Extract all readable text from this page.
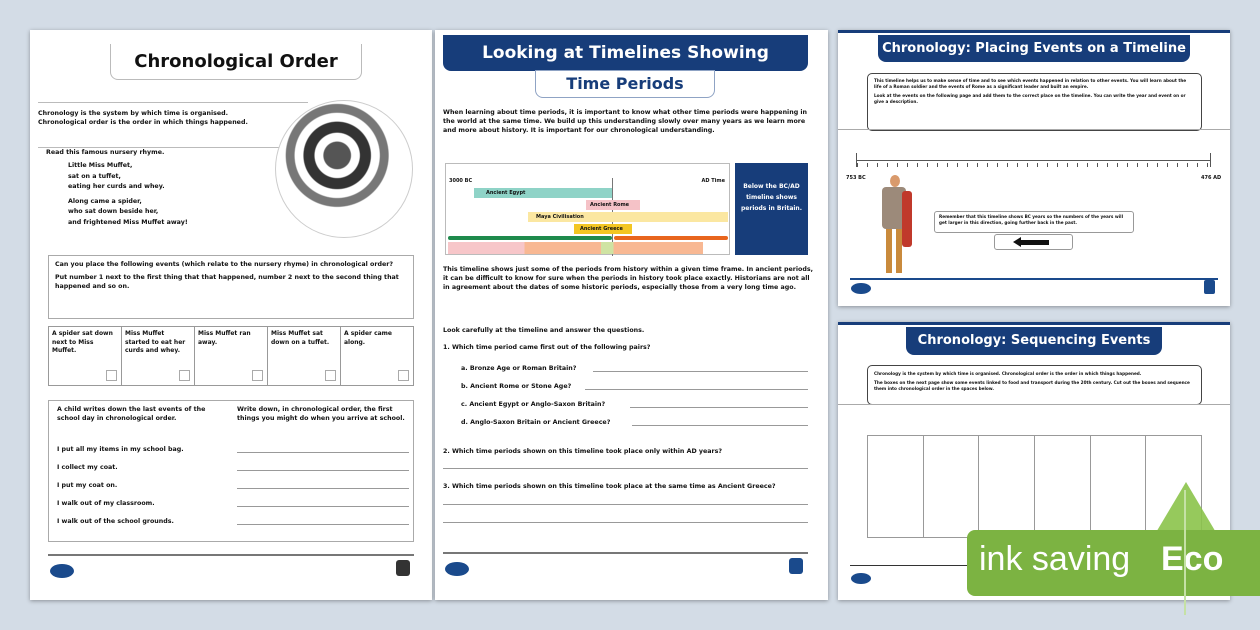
Chronological Order
Chronology is the system by which time is organised.
Chronological order is the order in which things happened.
Read this famous nursery rhyme.
Little Miss Muffet,
sat on a tuffet,
eating her curds and whey.
Along came a spider,
who sat down beside her,
and frightened Miss Muffet away!
Can you place the following events (which relate to the nursery rhyme) in chronological order?
Put number 1 next to the first thing that that happened, number 2 next to the second thing that happened and so on.
A spider sat down next to Miss Muffet.
Miss Muffet started to eat her curds and whey.
Miss Muffet ran away.
Miss Muffet sat down on a tuffet.
A spider came along.
A child writes down the last events of the school day in chronological order.
Write down, in chronological order, the first things you might do when you arrive at school.
I put all my items in my school bag.
I collect my coat.
I put my coat on.
I walk out of my classroom.
I walk out of the school grounds.
Looking at Timelines Showing
Time Periods
When learning about time periods, it is important to know what other time periods were happening in the world at the same time. We build up this understanding slowly over many years as we learn more and more about history. It is important for our chronological understanding.
3000 BC	AD Time
Ancient Egypt
Ancient Rome
Maya Civilisation
Ancient Greece
Below the BC/AD timeline shows periods in Britain.
This timeline shows just some of the periods from history within a given time frame. In ancient periods, it can be difficult to know for sure when the periods in history took place exactly. Historians are not all in agreement about the dates of some historic periods, especially those from a very long time ago.
Look carefully at the timeline and answer the questions.
1. Which time period came first out of the following pairs?
a. Bronze Age or Roman Britain?
b. Ancient Rome or Stone Age?
c. Ancient Egypt or Anglo-Saxon Britain?
d. Anglo-Saxon Britain or Ancient Greece?
2. Which time periods shown on this timeline took place only within AD years?
3. Which time periods shown on this timeline took place at the same time as Ancient Greece?
Chronology: Placing Events on a Timeline
This timeline helps us to make sense of time and to see which events happened in relation to other events. You will learn about the life of a Roman soldier and the events of Rome as a significant leader and built an empire.
Look at the events on the following page and add them to the correct place on the timeline. You can write the year and event on or give a description.
753 BC	476 AD
Remember that this timeline shows BC years so the numbers of the years will get larger in this direction, going further back in the past.
Chronology: Sequencing Events
Chronology is the system by which time is organised. Chronological order is the order in which things happened.
The boxes on the next page show some events linked to food and transport during the 20th century. Cut out the boxes and sequence them into chronological order in the spaces below.
ink saving Eco
